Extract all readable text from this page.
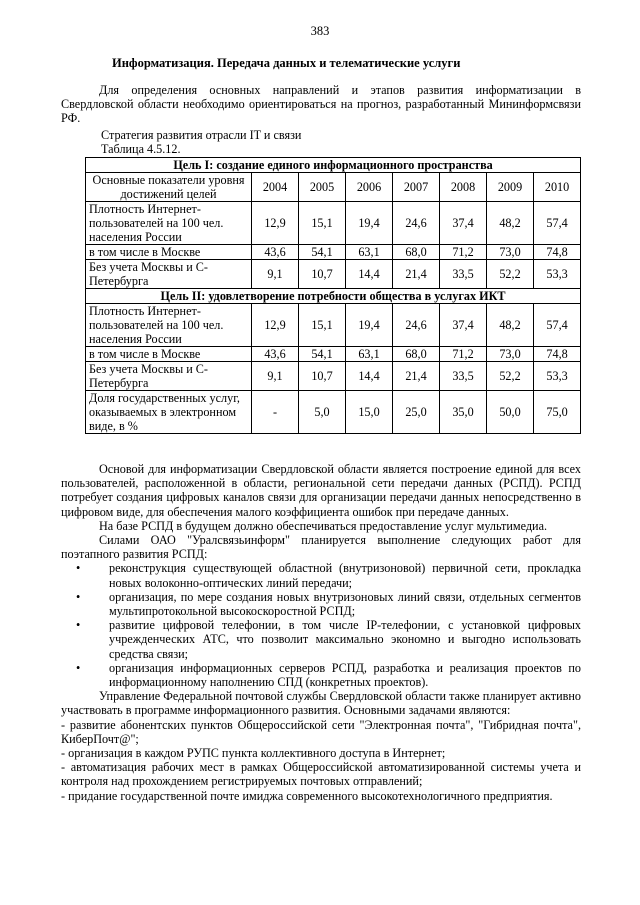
383
Информатизация. Передача данных и телематические услуги
Для определения основных направлений и этапов развития информатизации в Свердловской области необходимо ориентироваться на прогноз, разработанный Мининформсвязи РФ.
Стратегия развития отрасли IT и связи
Таблица 4.5.12.
Цель I: создание единого информационного пространства							
Основные показатели уровня достижений целей	2004	2005	2006	2007	2008	2009	2010
Плотность Интернет-пользователей на 100 чел. населения России	12,9	15,1	19,4	24,6	37,4	48,2	57,4
в том числе в Москве	43,6	54,1	63,1	68,0	71,2	73,0	74,8
Без учета Москвы и С-Петербурга	9,1	10,7	14,4	21,4	33,5	52,2	53,3
Цель II: удовлетворение потребности общества в услугах ИКТ							
Плотность Интернет-пользователей на 100 чел. населения России	12,9	15,1	19,4	24,6	37,4	48,2	57,4
в том числе в Москве	43,6	54,1	63,1	68,0	71,2	73,0	74,8
Без учета Москвы и С-Петербурга	9,1	10,7	14,4	21,4	33,5	52,2	53,3
Доля государственных услуг, оказываемых в электронном виде, в %	-	5,0	15,0	25,0	35,0	50,0	75,0

Основой для информатизации Свердловской области является построение единой для всех пользователей, расположенной в области, региональной сети передачи данных (РСПД). РСПД потребует создания цифровых каналов связи для организации передачи данных непосредственно в цифровом виде, для обеспечения малого коэффициента ошибок при передаче данных.

На базе РСПД в будущем должно обеспечиваться предоставление услуг мультимедиа.

Силами ОАО "Уралсвязьинформ" планируется выполнение следующих работ для поэтапного развития РСПД:

• реконструкция существующей областной (внутризоновой) первичной сети, прокладка новых волоконно-оптических линий передачи;
• организация, по мере создания новых внутризоновых линий связи, отдельных сегментов мультипротокольной высокоскоростной РСПД;
• развитие цифровой телефонии, в том числе IP-телефонии, с установкой цифровых учрежденческих АТС, что позволит максимально экономно и выгодно использовать средства связи;
• организация информационных серверов РСПД, разработка и реализация проектов по информационному наполнению СПД (конкретных проектов).

Управление Федеральной почтовой службы Свердловской области также планирует активно участвовать в программе информационного развития. Основными задачами являются:

- развитие абонентских пунктов Общероссийской сети "Электронная почта", "Гибридная почта", КиберПочт@";

- организация в каждом РУПС пункта коллективного доступа в Интернет;

- автоматизация рабочих мест в рамках Общероссийской автоматизированной системы учета и контроля над прохождением регистрируемых почтовых отправлений;

- придание государственной почте имиджа современного высокотехнологичного предприятия.
